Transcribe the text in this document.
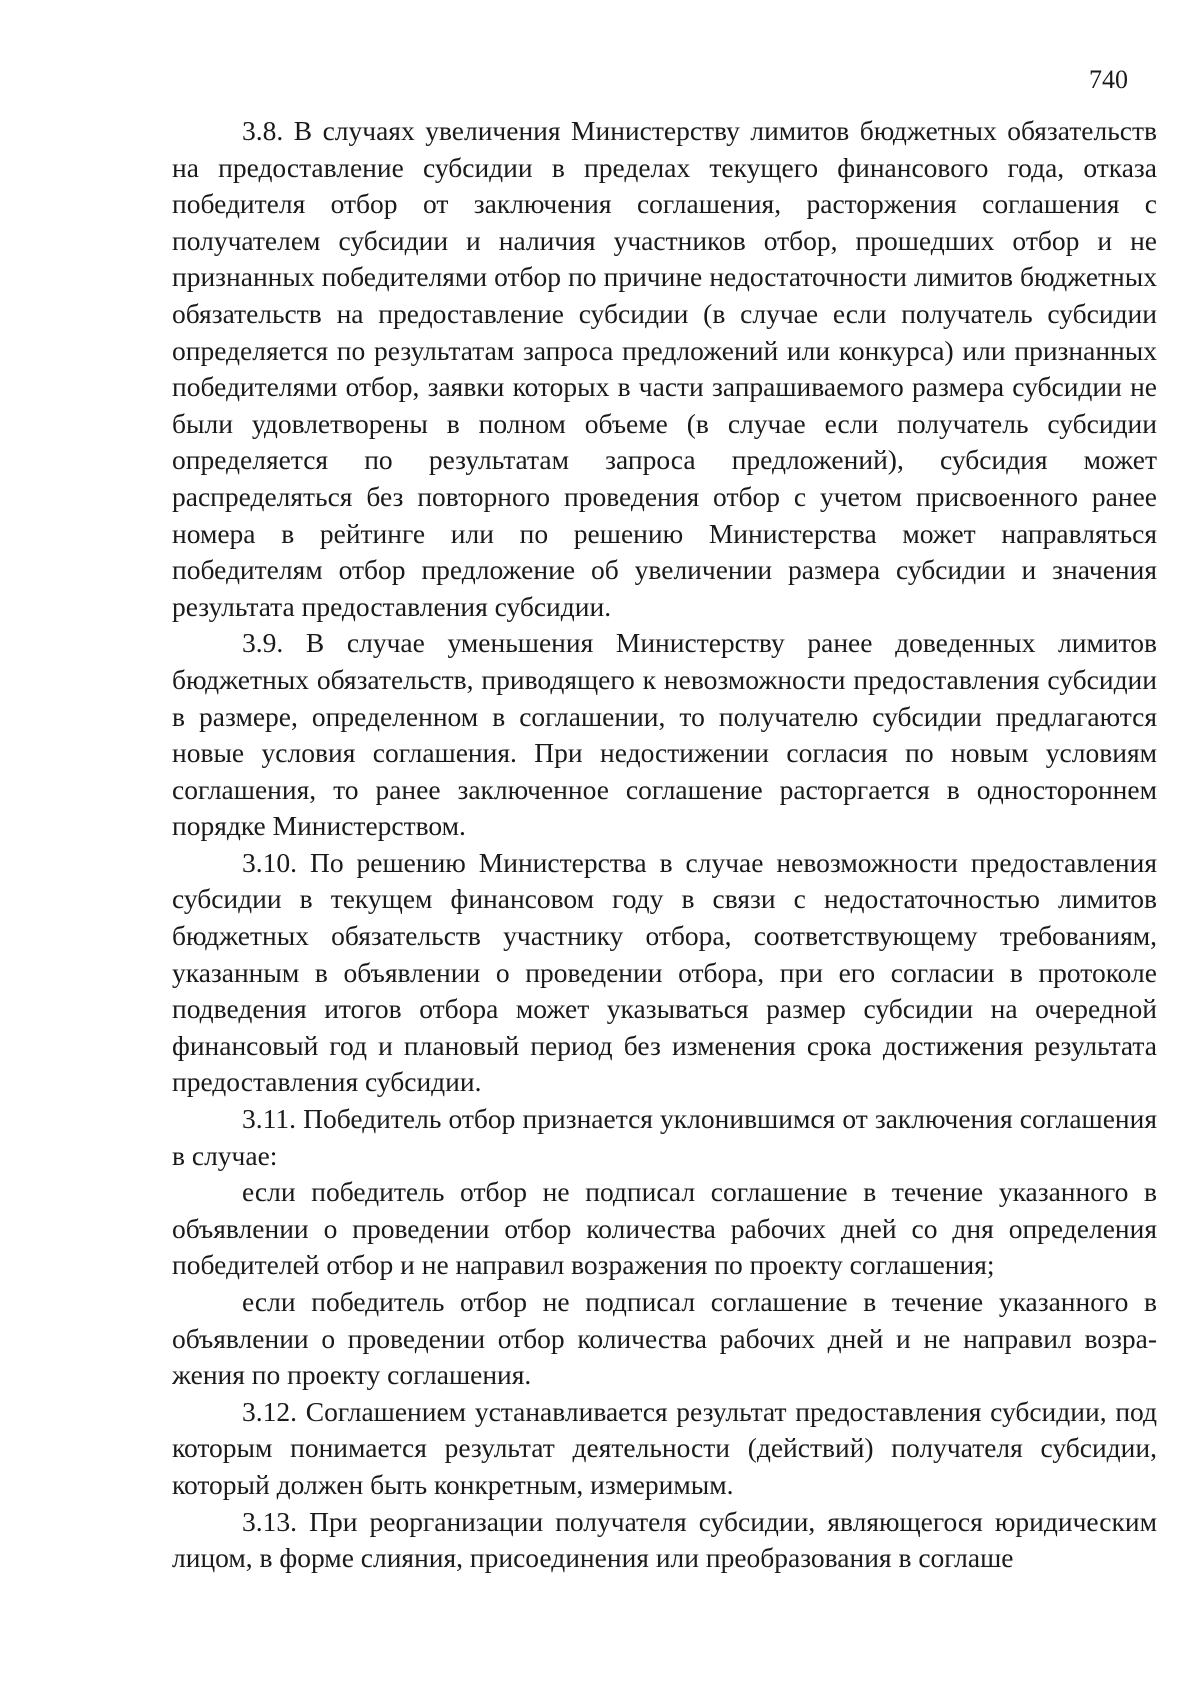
740

3.8. В случаях увеличения Министерству лимитов бюджетных обязательств на предоставление субсидии в пределах текущего финансового года, отказа победителя отбор от заключения соглашения, расторжения соглашения с получателем субсидии и наличия участников отбор, прошедших отбор и не признанных победителями отбор по причине недостаточности лимитов бюджетных обязательств на предоставление субсидии (в случае если получатель субсидии определяется по результатам запроса предложений или конкурса) или признанных победителями отбор, заявки которых в части запрашиваемого размера субсидии не были удовлетворены в полном объеме (в случае если получатель субсидии определяется по результатам запроса предложений), субсидия может распределяться без повторного проведения отбор с учетом присвоенного ранее номера в рейтинге или по решению Министерства может направляться победителям отбор предложение об увеличении размера субсидии и значения результата предоставления субсидии.

3.9. В случае уменьшения Министерству ранее доведенных лимитов бюджетных обязательств, приводящего к невозможности предоставления субсидии в размере, определенном в соглашении, то получателю субсидии предлагаются новые условия соглашения. При недостижении согласия по новым условиям соглашения, то ранее заключенное соглашение расторгается в одностороннем порядке Министерством.

3.10. По решению Министерства в случае невозможности предоставления субсидии в текущем финансовом году в связи с недостаточностью лимитов бюджетных обязательств участнику отбора, соответствующему требованиям, указанным в объявлении о проведении отбора, при его согласии в протоколе подведения итогов отбора может указываться размер субсидии на очередной финансовый год и плановый период без изменения срока достижения результата предоставления субсидии.

3.11. Победитель отбор признается уклонившимся от заключения соглашения в случае:

если победитель отбор не подписал соглашение в течение указанного в объявлении о проведении отбор количества рабочих дней со дня определения победителей отбор и не направил возражения по проекту соглашения;

если победитель отбор не подписал соглашение в течение указанного в объявлении о проведении отбор количества рабочих дней и не направил возражения по проекту соглашения.

3.12. Соглашением устанавливается результат предоставления субсидии, под которым понимается результат деятельности (действий) получателя субсидии, который должен быть конкретным, измеримым.

3.13. При реорганизации получателя субсидии, являющегося юридическим лицом, в форме слияния, присоединения или преобразования в соглаше
